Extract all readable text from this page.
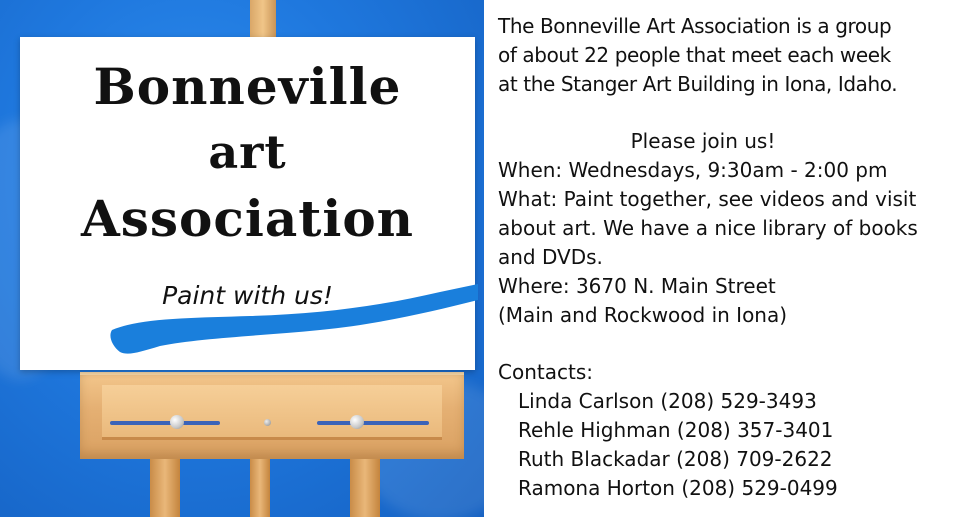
Bonneville
art
Association
Paint with us!

The Bonneville Art Association is a group

of about 22 people that meet each week

at the Stanger Art Building in Iona, Idaho.

Please join us!

When: Wednesdays, 9:30am - 2:00 pm

What: Paint together, see videos and visit

about art. We have a nice library of books

and DVDs.

Where: 3670 N. Main Street

(Main and Rockwood in Iona)

Contacts:

Linda Carlson (208) 529-3493

Rehle Highman (208) 357-3401

Ruth Blackadar (208) 709-2622

Ramona Horton (208) 529-0499
